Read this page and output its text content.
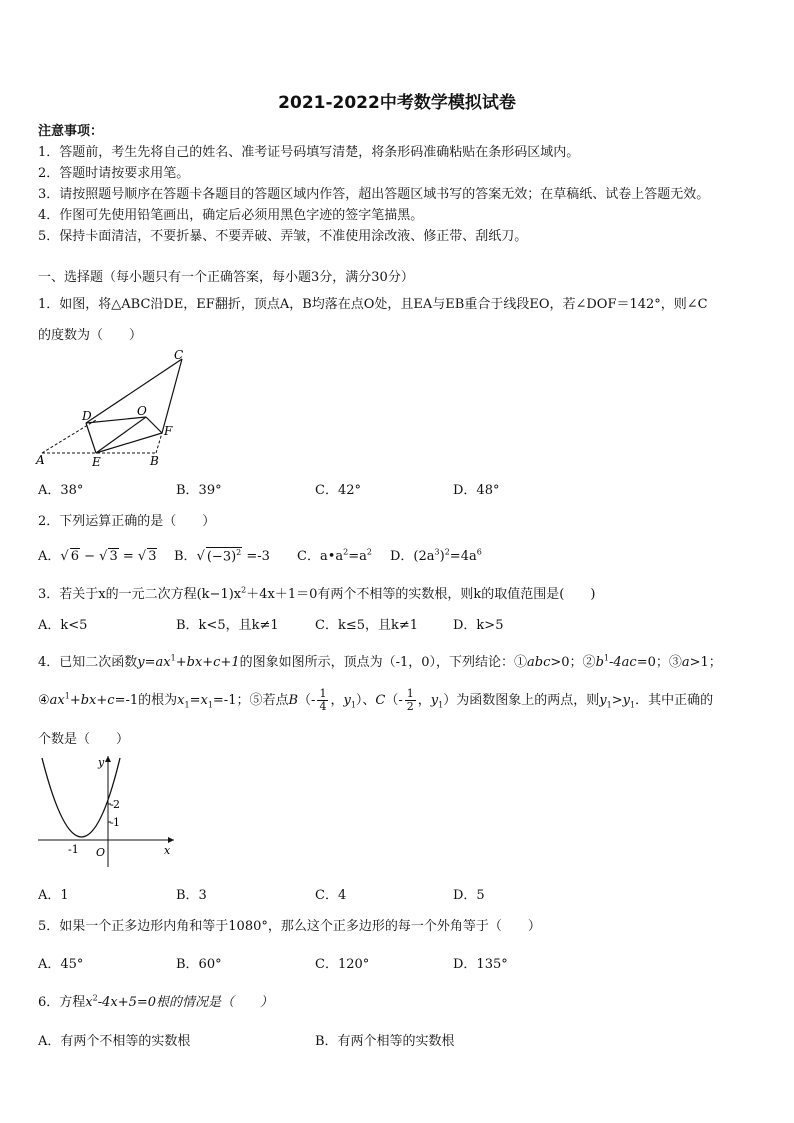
2021-2022中考数学模拟试卷
注意事项：
1．答题前，考生先将自己的姓名、准考证号码填写清楚，将条形码准确粘贴在条形码区域内。
2．答题时请按要求用笔。
3．请按照题号顺序在答题卡各题目的答题区域内作答，超出答题区域书写的答案无效；在草稿纸、试卷上答题无效。
4．作图可先使用铅笔画出，确定后必须用黑色字迹的签字笔描黑。
5．保持卡面清洁，不要折暴、不要弄破、弄皱，不准使用涂改液、修正带、刮纸刀。
一、选择题（每小题只有一个正确答案，每小题3分，满分30分）
1．如图，将△ABC沿DE，EF翻折，顶点A，B均落在点O处，且EA与EB重合于线段EO，若∠DOF＝142°，则∠C
的度数为（　　）
C
D	O
F
A	E	B
A．38°	B．39°	C．42°	D．48°
2．下列运算正确的是（　　）
A．√ 6 − √ 3 = √ 3 B．√ $(-3)^2 =-3$ C．$a•a^2=a^2$ D．$(2a^3)^2=4a^6$
3．若关于x的一元二次方程$(k-1)x^2+4x+1=0$有两个不相等的实数根，则k的取值范围是(　　)
A．k<5	B．k<5，且k≠1	C．k≤5，且k≠1	D．k>5
4．已知二次函数$y=ax^1+bx+c+1$的图象如图所示，顶点为（-1，0），下列结论：①abc>0；$②b^1-4ac=0$；③a>1；
$④ax^1+bx+c=-1$的根为$x_1=x_1=-1$；⑤若点$B(- \frac{1}{4}$ ，$y_1$）、$C(- \frac{1}{2}$ ，$y_1$）为函数图象上的两点，则$y_1>y_1$．其中正确的
个数是（　　）
y
x
O
-1
1
2
-
-
A．1	B．3	C．4	D．5
5．如果一个正多边形内角和等于1080°，那么这个正多边形的每一个外角等于（　　）
A．45°	B．60°	C．120°	D．135°
6．方程$x^2-4x+5=0$根的情况是（　　）
A．有两个不相等的实数根	B．有两个相等的实数根
